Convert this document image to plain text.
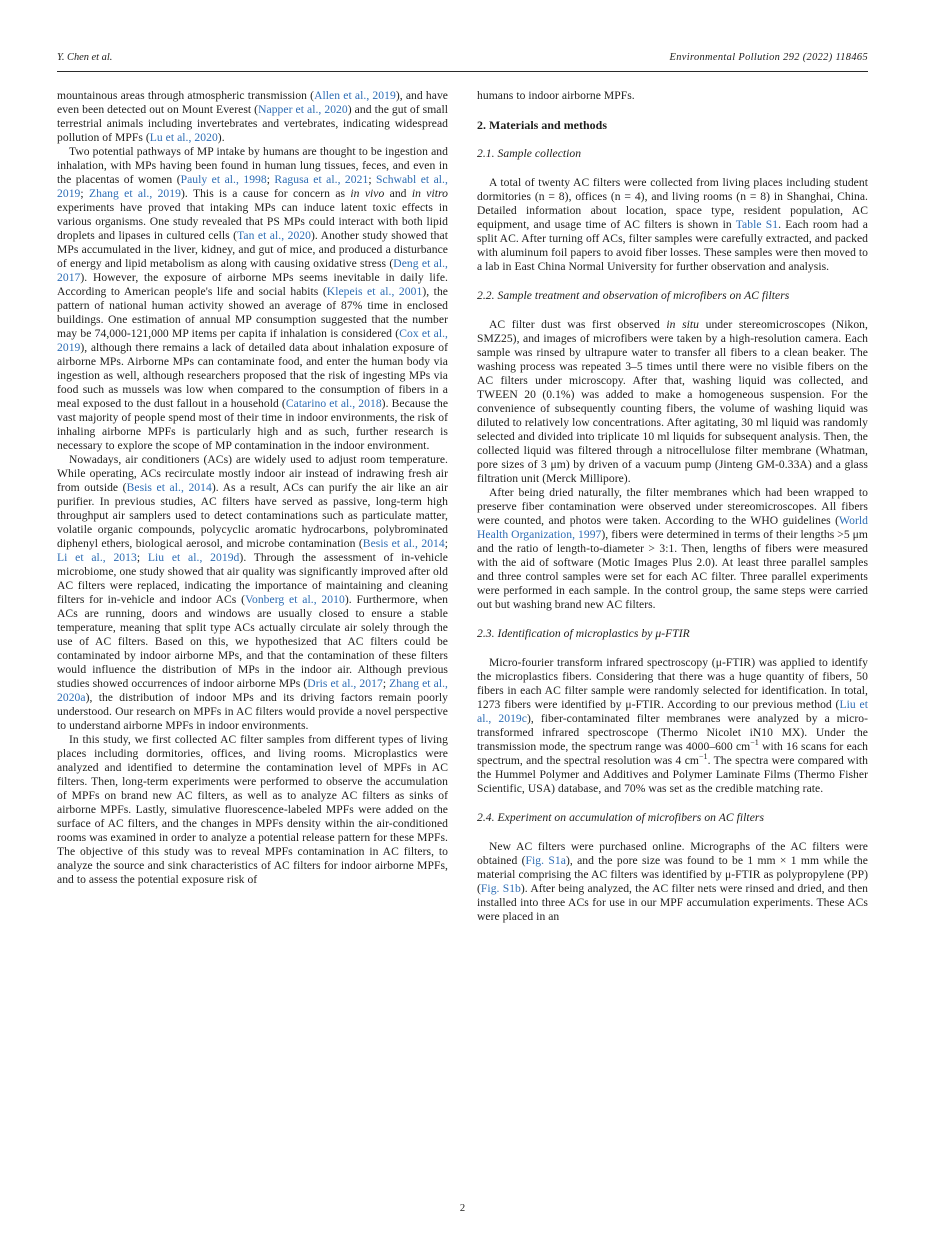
Y. Chen et al.	Environmental Pollution 292 (2022) 118465

mountainous areas through atmospheric transmission (Allen et al., 2019), and have even been detected out on Mount Everest (Napper et al., 2020) and the gut of small terrestrial animals including invertebrates and vertebrates, indicating widespread pollution of MPFs (Lu et al., 2020).

Two potential pathways of MP intake by humans are thought to be ingestion and inhalation, with MPs having been found in human lung tissues, feces, and even in the placentas of women (Pauly et al., 1998; Ragusa et al., 2021; Schwabl et al., 2019; Zhang et al., 2019). This is a cause for concern as in vivo and in vitro experiments have proved that intaking MPs can induce latent toxic effects in various organisms. One study revealed that PS MPs could interact with both lipid droplets and lipases in cultured cells (Tan et al., 2020). Another study showed that MPs accumulated in the liver, kidney, and gut of mice, and produced a disturbance of energy and lipid metabolism as along with causing oxidative stress (Deng et al., 2017). However, the exposure of airborne MPs seems inevitable in daily life. According to American people's life and social habits (Klepeis et al., 2001), the pattern of national human activity showed an average of 87% time in enclosed buildings. One estimation of annual MP consumption suggested that the number may be 74,000-121,000 MP items per capita if inhalation is considered (Cox et al., 2019), although there remains a lack of detailed data about inhalation exposure of airborne MPs. Airborne MPs can contaminate food, and enter the human body via ingestion as well, although researchers proposed that the risk of ingesting MPs via food such as mussels was low when compared to the consumption of fibers in a meal exposed to the dust fallout in a household (Catarino et al., 2018). Because the vast majority of people spend most of their time in indoor environments, the risk of inhaling airborne MPFs is particularly high and as such, further research is necessary to explore the scope of MP contamination in the indoor environment.

Nowadays, air conditioners (ACs) are widely used to adjust room temperature. While operating, ACs recirculate mostly indoor air instead of indrawing fresh air from outside (Besis et al., 2014). As a result, ACs can purify the air like an air purifier. In previous studies, AC filters have served as passive, long-term high throughput air samplers used to detect contaminations such as particulate matter, volatile organic compounds, polycyclic aromatic hydrocarbons, polybrominated diphenyl ethers, biological aerosol, and microbe contamination (Besis et al., 2014; Li et al., 2013; Liu et al., 2019d). Through the assessment of in-vehicle microbiome, one study showed that air quality was significantly improved after old AC filters were replaced, indicating the importance of maintaining and cleaning filters for in-vehicle and indoor ACs (Vonberg et al., 2010). Furthermore, when ACs are running, doors and windows are usually closed to ensure a stable temperature, meaning that split type ACs actually circulate air solely through the use of AC filters. Based on this, we hypothesized that AC filters could be contaminated by indoor airborne MPs, and that the contamination of these filters would influence the distribution of MPs in the indoor air. Although previous studies showed occurrences of indoor airborne MPs (Dris et al., 2017; Zhang et al., 2020a), the distribution of indoor MPs and its driving factors remain poorly understood. Our research on MPFs in AC filters would provide a novel perspective to understand airborne MPFs in indoor environments.

In this study, we first collected AC filter samples from different types of living places including dormitories, offices, and living rooms. Microplastics were analyzed and identified to determine the contamination level of MPFs in AC filters. Then, long-term experiments were performed to observe the accumulation of MPFs on brand new AC filters, as well as to analyze AC filters as sinks of airborne MPFs. Lastly, simulative fluorescence-labeled MPFs were added on the surface of AC filters, and the changes in MPFs density within the air-conditioned rooms was examined in order to analyze a potential release pattern for these MPFs. The objective of this study was to reveal MPFs contamination in AC filters, to analyze the source and sink characteristics of AC filters for indoor airborne MPFs, and to assess the potential exposure risk of

humans to indoor airborne MPFs.

2. Materials and methods
2.1. Sample collection

A total of twenty AC filters were collected from living places including student dormitories (n = 8), offices (n = 4), and living rooms (n = 8) in Shanghai, China. Detailed information about location, space type, resident population, AC equipment, and usage time of AC filters is shown in Table S1. Each room had a split AC. After turning off ACs, filter samples were carefully extracted, and packed with aluminum foil papers to avoid fiber losses. These samples were then moved to a lab in East China Normal University for further observation and analysis.

2.2. Sample treatment and observation of microfibers on AC filters

AC filter dust was first observed in situ under stereomicroscopes (Nikon, SMZ25), and images of microfibers were taken by a high-resolution camera. Each sample was rinsed by ultrapure water to transfer all fibers to a clean beaker. The washing process was repeated 3–5 times until there were no visible fibers on the AC filters under microscopy. After that, washing liquid was collected, and TWEEN 20 (0.1%) was added to make a homogeneous suspension. For the convenience of subsequently counting fibers, the volume of washing liquid was diluted to relatively low concentrations. After agitating, 30 ml liquid was randomly selected and divided into triplicate 10 ml liquids for subsequent analysis. Then, the collected liquid was filtered through a nitrocellulose filter membrane (Whatman, pore sizes of 3 μm) by driven of a vacuum pump (Jinteng GM-0.33A) and a glass filtration unit (Merck Millipore).

After being dried naturally, the filter membranes which had been wrapped to preserve fiber contamination were observed under stereomicroscopes. All fibers were counted, and photos were taken. According to the WHO guidelines (World Health Organization, 1997), fibers were determined in terms of their lengths >5 μm and the ratio of length-to-diameter > 3:1. Then, lengths of fibers were measured with the aid of software (Motic Images Plus 2.0). At least three parallel samples and three control samples were set for each AC filter. Three parallel experiments were performed in each sample. In the control group, the same steps were carried out but washing brand new AC filters.

2.3. Identification of microplastics by μ-FTIR

Micro-fourier transform infrared spectroscopy (μ-FTIR) was applied to identify the microplastics fibers. Considering that there was a huge quantity of fibers, 50 fibers in each AC filter sample were randomly selected for identification. In total, 1273 fibers were identified by μ-FTIR. According to our previous method (Liu et al., 2019c), fiber-contaminated filter membranes were analyzed by a micro-transformed infrared spectroscope (Thermo Nicolet iN10 MX). Under the transmission mode, the spectrum range was 4000–600 $cm^{-1}$ with 16 scans for each spectrum, and the spectral resolution was 4 $cm^{-1}$. The spectra were compared with the Hummel Polymer and Additives and Polymer Laminate Films (Thermo Fisher Scientific, USA) database, and 70% was set as the credible matching rate.

2.4. Experiment on accumulation of microfibers on AC filters

New AC filters were purchased online. Micrographs of the AC filters were obtained (Fig. S1a), and the pore size was found to be 1 mm × 1 mm while the material comprising the AC filters was identified by μ-FTIR as polypropylene (PP) (Fig. S1b). After being analyzed, the AC filter nets were rinsed and dried, and then installed into three ACs for use in our MPF accumulation experiments. These ACs were placed in an

2
